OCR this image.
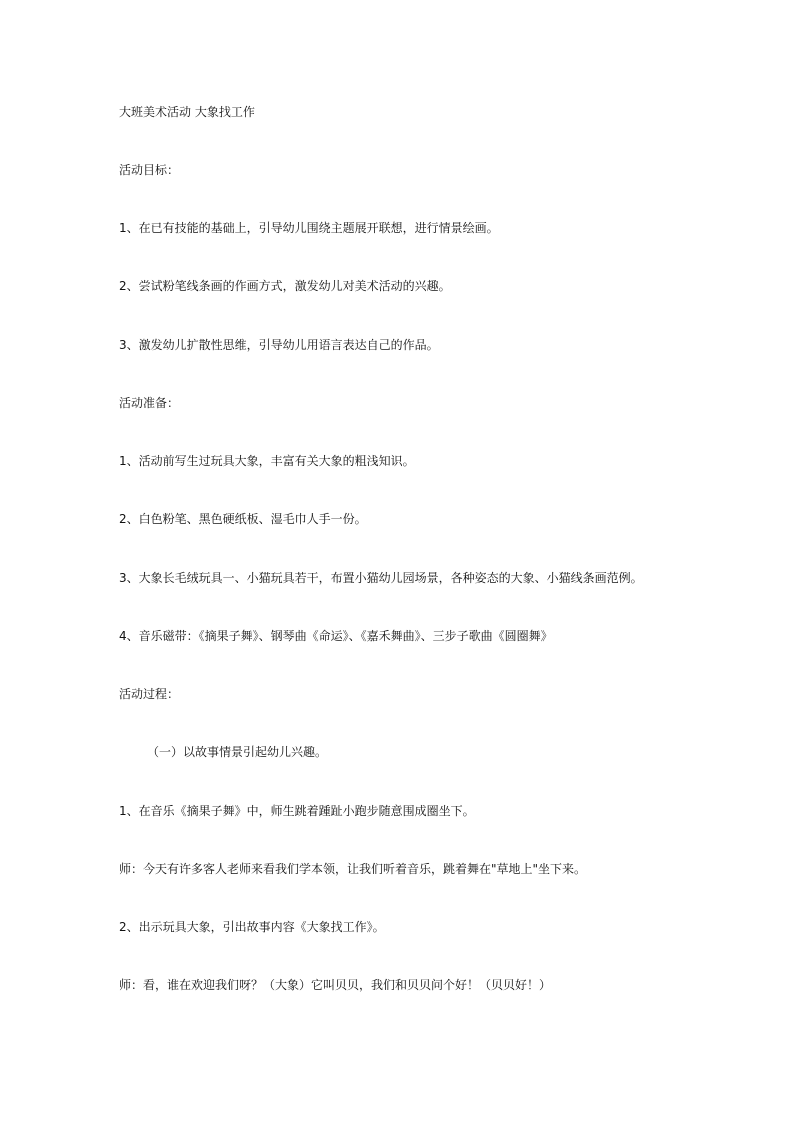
大班美术活动 大象找工作
活动目标：
1、在已有技能的基础上，引导幼儿围绕主题展开联想，进行情景绘画。
2、尝试粉笔线条画的作画方式，激发幼儿对美术活动的兴趣。
3、激发幼儿扩散性思维，引导幼儿用语言表达自己的作品。
活动准备：
1、活动前写生过玩具大象，丰富有关大象的粗浅知识。
2、白色粉笔、黑色硬纸板、湿毛巾人手一份。
3、大象长毛绒玩具一、小猫玩具若干，布置小猫幼儿园场景，各种姿态的大象、小猫线条画范例。
4、音乐磁带：《摘果子舞》、钢琴曲《命运》、《嘉禾舞曲》、三步子歌曲《圆圈舞》
活动过程：
（一）以故事情景引起幼儿兴趣。
1、在音乐《摘果子舞》中，师生跳着踵趾小跑步随意围成圈坐下。
师：今天有许多客人老师来看我们学本领，让我们听着音乐，跳着舞在"草地上"坐下来。
2、出示玩具大象，引出故事内容《大象找工作》。
师：看，谁在欢迎我们呀？（大象）它叫贝贝，我们和贝贝问个好！（贝贝好！）
